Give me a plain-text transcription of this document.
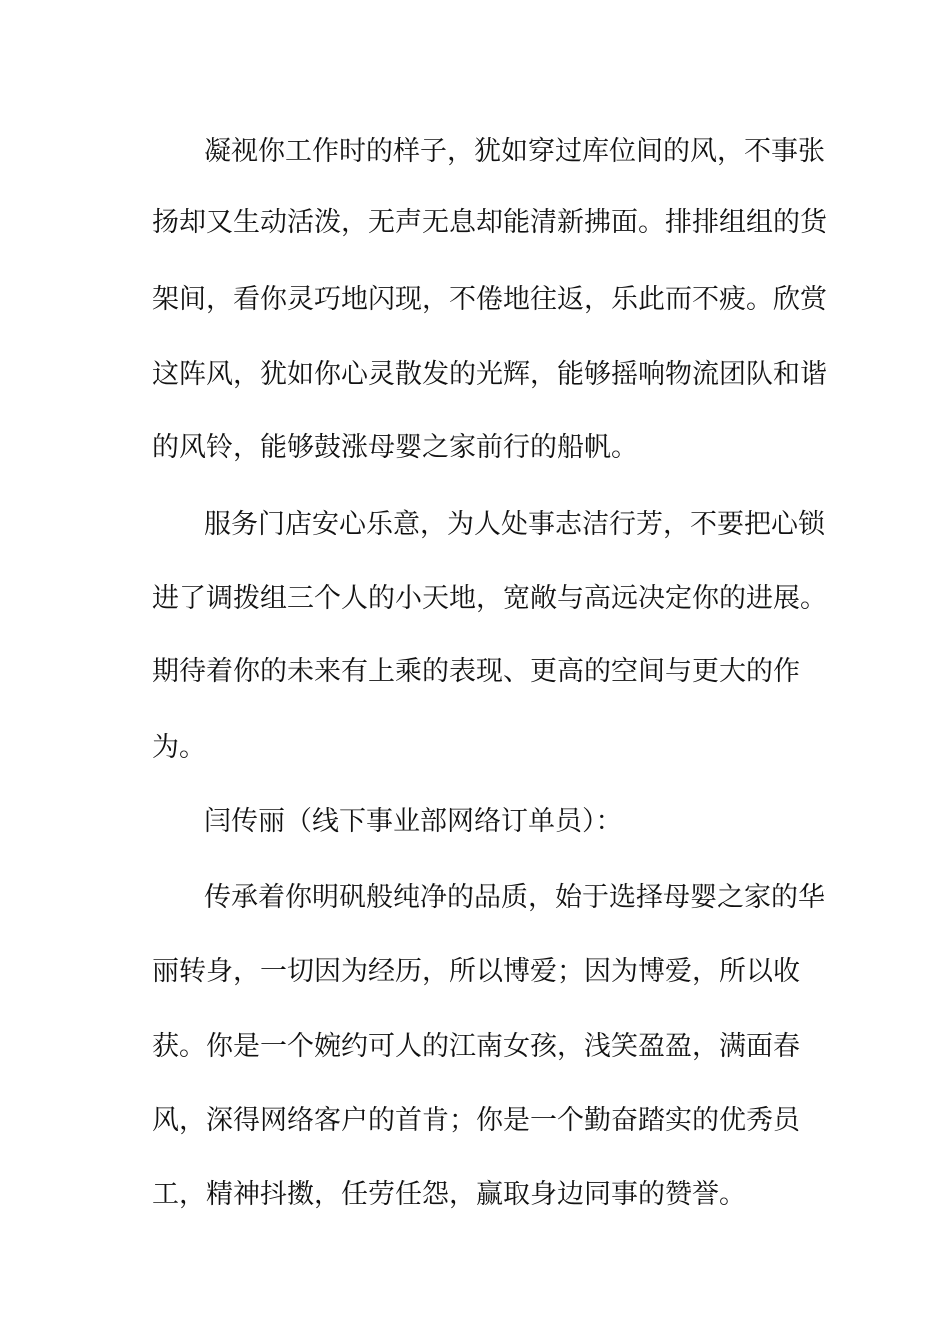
凝视你工作时的样子，犹如穿过库位间的风，不事张

扬却又生动活泼，无声无息却能清新拂面。排排组组的货

架间，看你灵巧地闪现，不倦地往返，乐此而不疲。欣赏

这阵风，犹如你心灵散发的光辉，能够摇响物流团队和谐

的风铃，能够鼓涨母婴之家前行的船帆。

服务门店安心乐意，为人处事志洁行芳，不要把心锁

进了调拨组三个人的小天地，宽敞与高远决定你的进展。

期待着你的未来有上乘的表现、更高的空间与更大的作

为。

闫传丽（线下事业部网络订单员）：

传承着你明矾般纯净的品质，始于选择母婴之家的华

丽转身，一切因为经历，所以博爱；因为博爱，所以收

获。你是一个婉约可人的江南女孩，浅笑盈盈，满面春

风，深得网络客户的首肯；你是一个勤奋踏实的优秀员

工，精神抖擞，任劳任怨，赢取身边同事的赞誉。
